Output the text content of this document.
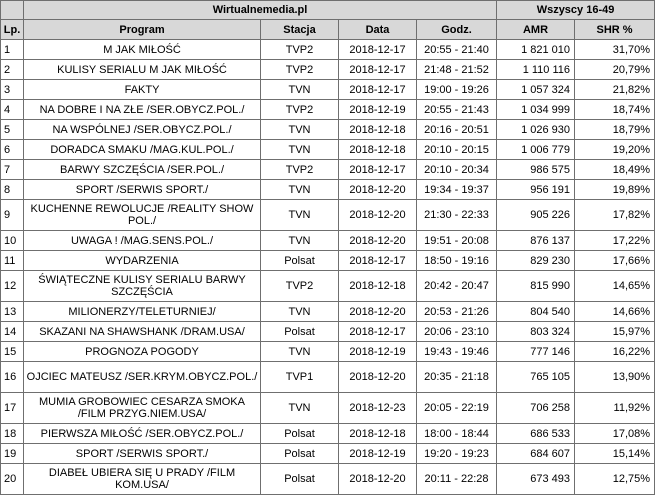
	Wirtualnemedia.pl				Wszyscy 16-49	
Lp.	Program	Stacja	Data	Godz.	AMR	SHR %
1	M JAK MIŁOŚĆ	TVP2	2018-12-17	20:55 - 21:40	1 821 010	31,70%
2	KULISY SERIALU M JAK MIŁOŚĆ	TVP2	2018-12-17	21:48 - 21:52	1 110 116	20,79%
3	FAKTY	TVN	2018-12-17	19:00 - 19:26	1 057 324	21,82%
4	NA DOBRE I NA ZŁE /SER.OBYCZ.POL./	TVP2	2018-12-19	20:55 - 21:43	1 034 999	18,74%
5	NA WSPÓLNEJ /SER.OBYCZ.POL./	TVN	2018-12-18	20:16 - 20:51	1 026 930	18,79%
6	DORADCA SMAKU /MAG.KUL.POL./	TVN	2018-12-18	20:10 - 20:15	1 006 779	19,20%
7	BARWY SZCZĘŚCIA /SER.POL./	TVP2	2018-12-17	20:10 - 20:34	986 575	18,49%
8	SPORT /SERWIS SPORT./	TVN	2018-12-20	19:34 - 19:37	956 191	19,89%
9	KUCHENNE REWOLUCJE /REALITY SHOW POL./	TVN	2018-12-20	21:30 - 22:33	905 226	17,82%
10	UWAGA ! /MAG.SENS.POL./	TVN	2018-12-20	19:51 - 20:08	876 137	17,22%
11	WYDARZENIA	Polsat	2018-12-17	18:50 - 19:16	829 230	17,66%
12	ŚWIĄTECZNE KULISY SERIALU BARWY SZCZĘŚCIA	TVP2	2018-12-18	20:42 - 20:47	815 990	14,65%
13	MILIONERZY/TELETURNIEJ/	TVN	2018-12-20	20:53 - 21:26	804 540	14,66%
14	SKAZANI NA SHAWSHANK /DRAM.USA/	Polsat	2018-12-17	20:06 - 23:10	803 324	15,97%
15	PROGNOZA POGODY	TVN	2018-12-19	19:43 - 19:46	777 146	16,22%
16	OJCIEC MATEUSZ /SER.KRYM.OBYCZ.POL./	TVP1	2018-12-20	20:35 - 21:18	765 105	13,90%
17	MUMIA GROBOWIEC CESARZA SMOKA /FILM PRZYG.NIEM.USA/	TVN	2018-12-23	20:05 - 22:19	706 258	11,92%
18	PIERWSZA MIŁOŚĆ /SER.OBYCZ.POL./	Polsat	2018-12-18	18:00 - 18:44	686 533	17,08%
19	SPORT /SERWIS SPORT./	Polsat	2018-12-19	19:20 - 19:23	684 607	15,14%
20	DIABEŁ UBIERA SIĘ U PRADY /FILM KOM.USA/	Polsat	2018-12-20	20:11 - 22:28	673 493	12,75%
